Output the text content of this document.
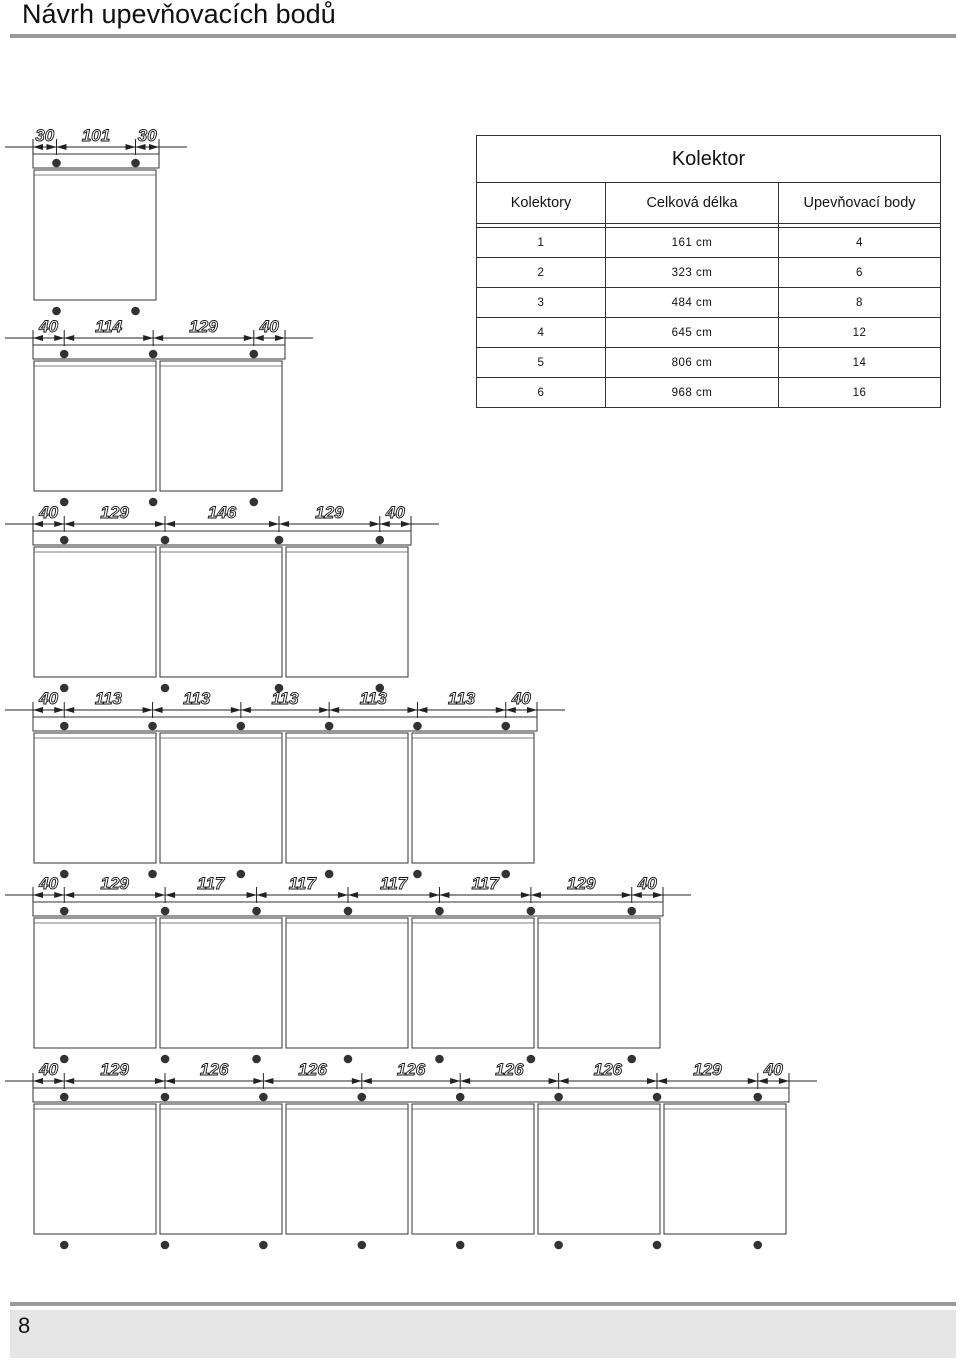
Návrh upevňovacích bodů
30 101 30
40 114	129 40
40 129	146	129 40
40 113	113	113	113	113 40
40 129	117	117	117	117	129 40
40 129	126	126	126	126	126	129 40
Kolektor		
Kolektory	Celková délka	Upevňovací body

1	161 cm	4
2	323 cm	6
3	484 cm	8
4	645 cm	12
5	806 cm	14
6	968 cm	16
8
